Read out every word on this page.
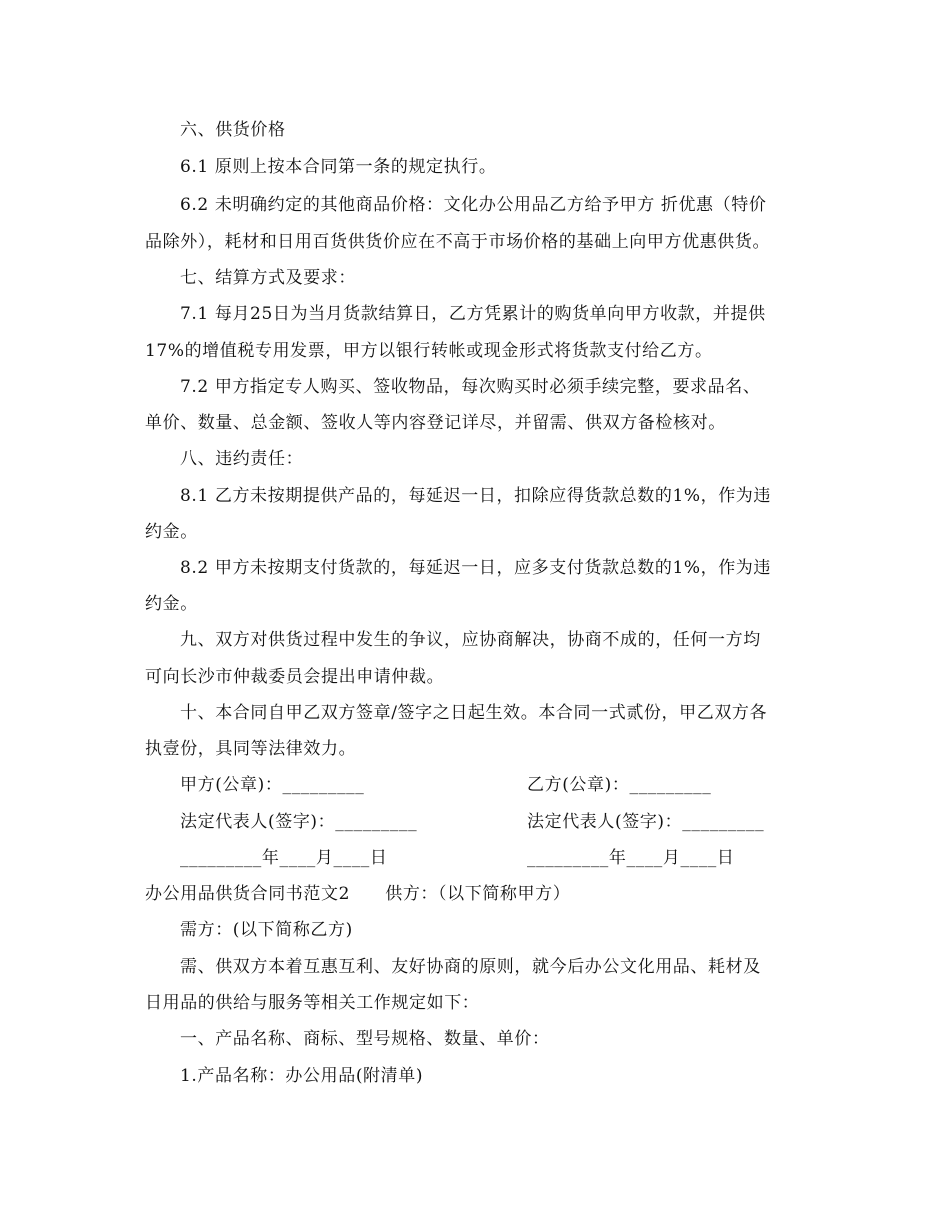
六、供货价格
6.1 原则上按本合同第一条的规定执行。
6.2 未明确约定的其他商品价格：文化办公用品乙方给予甲方 折优惠（特价
品除外），耗材和日用百货供货价应在不高于市场价格的基础上向甲方优惠供货。
七、结算方式及要求：
7.1 每月25日为当月货款结算日，乙方凭累计的购货单向甲方收款，并提供
17%的增值税专用发票，甲方以银行转帐或现金形式将货款支付给乙方。
7.2 甲方指定专人购买、签收物品，每次购买时必须手续完整，要求品名、
单价、数量、总金额、签收人等内容登记详尽，并留需、供双方备检核对。
八、违约责任：
8.1 乙方未按期提供产品的，每延迟一日，扣除应得货款总数的1%，作为违
约金。
8.2 甲方未按期支付货款的，每延迟一日，应多支付货款总数的1%，作为违
约金。
九、双方对供货过程中发生的争议，应协商解决，协商不成的，任何一方均
可向长沙市仲裁委员会提出申请仲裁。
十、本合同自甲乙双方签章/签字之日起生效。本合同一式贰份，甲乙双方各
执壹份，具同等法律效力。
甲方(公章)：_________	乙方(公章)：_________
法定代表人(签字)：_________	法定代表人(签字)：_________
_________年____月____日	_________年____月____日
办公用品供货合同书范文2　　供方：（以下简称甲方）
需方：(以下简称乙方)
需、供双方本着互惠互利、友好协商的原则，就今后办公文化用品、耗材及
日用品的供给与服务等相关工作规定如下：
一、产品名称、商标、型号规格、数量、单价：
1.产品名称：办公用品(附清单)
